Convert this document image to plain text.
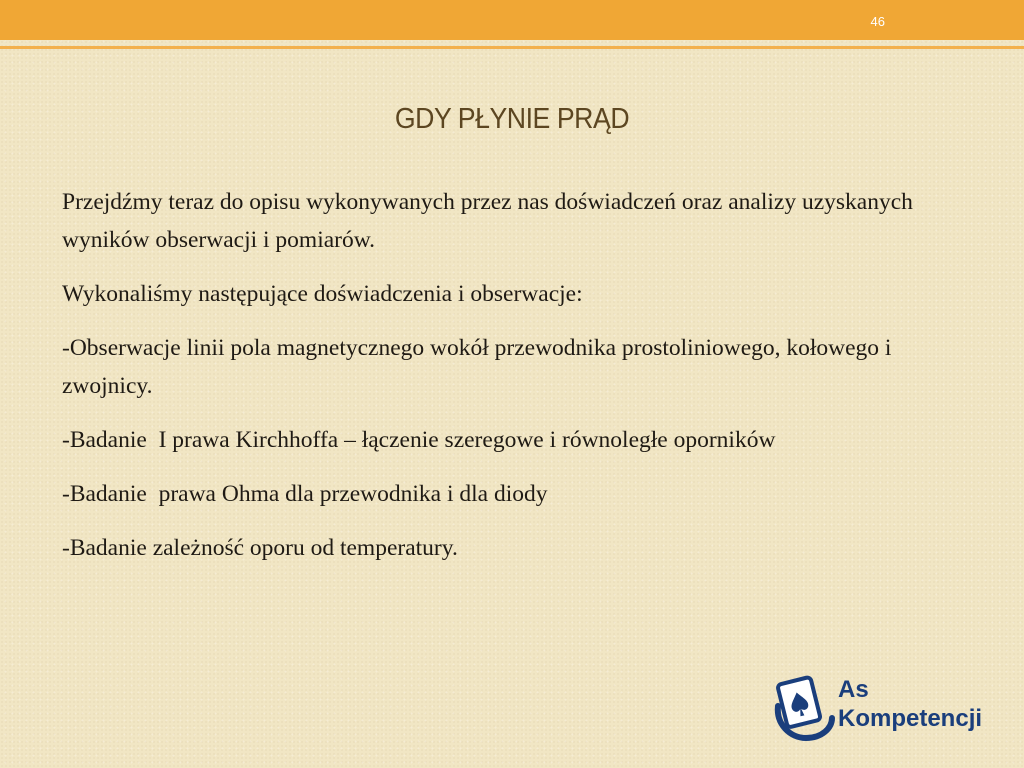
46
GDY PŁYNIE PRĄD

Przejdźmy teraz do opisu wykonywanych przez nas doświadczeń oraz analizy uzyskanych wyników obserwacji i pomiarów.

Wykonaliśmy następujące doświadczenia i obserwacje:

-Obserwacje linii pola magnetycznego wokół przewodnika prostoliniowego, kołowego i zwojnicy.

-Badanie  I prawa Kirchhoffa – łączenie szeregowe i równoległe oporników

-Badanie  prawa Ohma dla przewodnika i dla diody

-Badanie zależność oporu od temperatury.

As
Kompetencji
